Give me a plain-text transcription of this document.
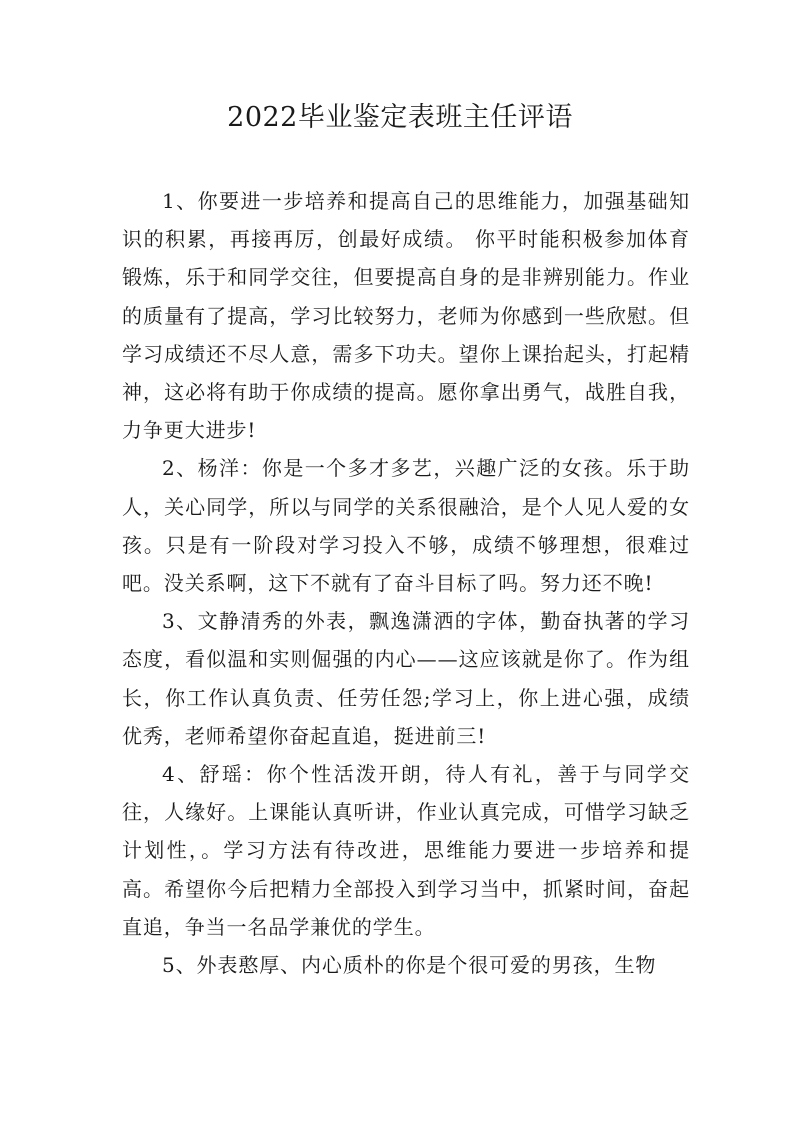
2022毕业鉴定表班主任评语

1、你要进一步培养和提高自己的思维能力，加强基础知识的积累，再接再厉，创最好成绩。 你平时能积极参加体育锻炼，乐于和同学交往，但要提高自身的是非辨别能力。作业的质量有了提高，学习比较努力，老师为你感到一些欣慰。但学习成绩还不尽人意，需多下功夫。望你上课抬起头，打起精神，这必将有助于你成绩的提高。愿你拿出勇气，战胜自我，力争更大进步!

2、杨洋：你是一个多才多艺，兴趣广泛的女孩。乐于助人，关心同学，所以与同学的关系很融洽，是个人见人爱的女孩。只是有一阶段对学习投入不够，成绩不够理想，很难过吧。没关系啊，这下不就有了奋斗目标了吗。努力还不晚!

3、文静清秀的外表，飘逸潇洒的字体，勤奋执著的学习态度，看似温和实则倔强的内心——这应该就是你了。作为组长，你工作认真负责、任劳任怨;学习上，你上进心强，成绩优秀，老师希望你奋起直追，挺进前三!

4、舒瑶：你个性活泼开朗，待人有礼，善于与同学交往，人缘好。上课能认真听讲，作业认真完成，可惜学习缺乏计划性，。学习方法有待改进，思维能力要进一步培养和提高。希望你今后把精力全部投入到学习当中，抓紧时间，奋起直追，争当一名品学兼优的学生。

5、外表憨厚、内心质朴的你是个很可爱的男孩，生物
